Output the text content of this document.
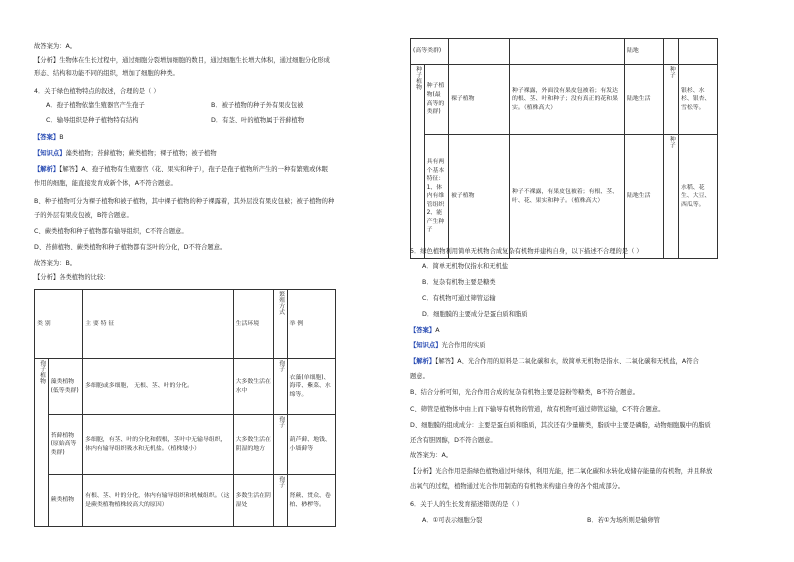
故答案为：A。
【分析】生物体在生长过程中，通过细胞分裂增加细胞的数目，通过细胞生长增大体积，通过细胞分化形成
形态、结构和功能不同的组织，增加了细胞的种类。
4．关于绿色植物特点的叙述，合理的是（ ）
A．孢子植物依靠生殖器官产生孢子	B．被子植物的种子外有果皮包被
C．输导组织是种子植物特有结构	D．有茎、叶的植物属于苔藓植物
【答案】B
【知识点】藻类植物；苔藓植物；蕨类植物；裸子植物；被子植物
【解析】【解答】A、孢子植物有生殖器官（花、果实和种子），孢子是孢子植物所产生的一种有繁殖或休眠
作用的细胞，能直接发育成新个体，A不符合题意。
B、种子植物可分为裸子植物和被子植物，其中裸子植物的种子裸露着，其外层没有果皮包被；被子植物的种
子的外层有果皮包被，B符合题意。
C、蕨类植物和种子植物都有输导组织，C不符合题意。
D、苔藓植物、蕨类植物和种子植物都有茎叶的分化，D不符合题意。
故答案为：B。
【分析】各类植物的比较：
类 别		主 要 特 征	生活环境	繁殖方式	举 例
孢子植物	藻类植物(低等类群)	多细胞或多细胞， 无根、茎、叶的分化。	大多数生活在水中	孢子	衣藻(单细胞)、海带、紫菜、水绵等。
	苔藓植物(原始高等类群)	多细胞，有茎、叶的分化和假根，茎叶中无输导组织，体内有输导组织吸水和无机盐。（植株矮小）	大多数生活在阴湿的地方	孢子	葫芦藓、地钱、小墙藓等
	蕨类植物	有根、茎、叶的分化，体内有输导组织和机械组织。（这是蕨类植物植株较高大的原因）	多数生活在阴湿处	孢子	肾蕨、贯众、卷柏、桫椤等。
(高等类群)				陆地		
种子植物	种子植物(最高等的类群)	裸子植物	种子裸露，外面没有果皮包被着；有发达的根、茎、叶和种子；没有真正的花和果实。（植株高大）	陆地生活	种子	银杉、水杉、银杏、雪松等。
	具有两个基本特征：1、体内有维管组织 2、能产生种子	被子植物	种子不裸露，有果皮包被着；有根、茎、叶、花、果实和种子。（植株高大）	陆地生活	种子	水稻、花生、大豆、西瓜等。
5．绿色植物利用简单无机物合成复杂有机物并建构自身，以下描述不合理的是（ ）
A．简单无机物仅指水和无机盐
B．复杂有机物主要是糖类
C．有机物可通过筛管运输
D．细胞膜的主要成分是蛋白质和脂质
【答案】A
【知识点】光合作用的实质
【解析】【解答】A、光合作用的原料是二氧化碳和水，故简单无机物是指水、二氧化碳和无机盐，A符合
题意。
B、结合分析可知，光合作用合成的复杂有机物主要是淀粉等糖类，B不符合题意。
C、筛管是植物体中由上而下输导有机物的管道，故有机物可通过筛管运输，C不符合题意。
D、细胞膜的组成成分：主要是蛋白质和脂质，其次还有少量糖类，脂质中主要是磷脂，动物细胞膜中的脂质
还含有胆固醇，D不符合题意。
故答案为：A。
【分析】光合作用是指绿色植物通过叶绿体，利用光能，把二氧化碳和水转化成储存能量的有机物，并且释放
出氧气的过程，植物通过光合作用制造的有机物来构建自身的各个组成部分。
6．关于人的生长发育描述错误的是（ ）
A．①可表示细胞分裂	B．若①为场所则是输卵管
